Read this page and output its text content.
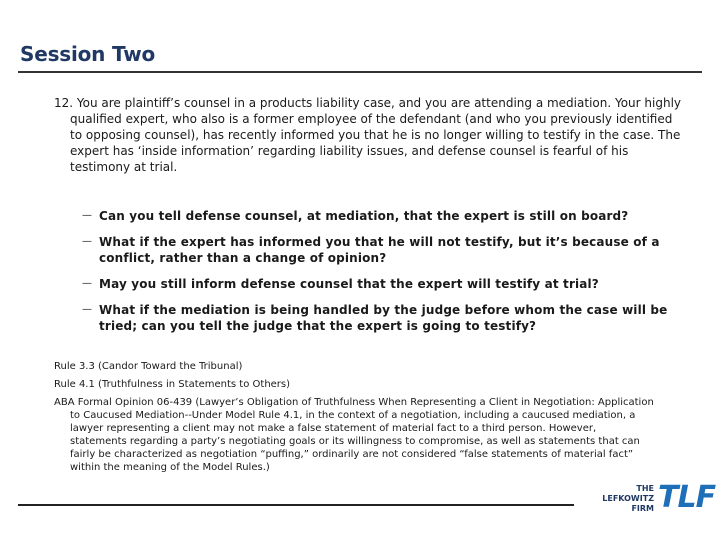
Session Two

12. You are plaintiff’s counsel in a products liability case, and you are attending a mediation. Your highly qualified expert, who also is a former employee of the defendant (and who you previously identified to opposing counsel), has recently informed you that he is no longer willing to testify in the case. The expert has ‘inside information’ regarding liability issues, and defense counsel is fearful of his testimony at trial.

— Can you tell defense counsel, at mediation, that the expert is still on board?
— What if the expert has informed you that he will not testify, but it’s because of a conflict, rather than a change of opinion?
— May you still inform defense counsel that the expert will testify at trial?
— What if the mediation is being handled by the judge before whom the case will be tried; can you tell the judge that the expert is going to testify?

Rule 3.3 (Candor Toward the Tribunal)

Rule 4.1 (Truthfulness in Statements to Others)

ABA Formal Opinion 06-439 (Lawyer’s Obligation of Truthfulness When Representing a Client in Negotiation: Application to Caucused Mediation--Under Model Rule 4.1, in the context of a negotiation, including a caucused mediation, a lawyer representing a client may not make a false statement of material fact to a third person. However, statements regarding a party’s negotiating goals or its willingness to compromise, as well as statements that can fairly be characterized as negotiation “puffing,” ordinarily are not considered “false statements of material fact” within the meaning of the Model Rules.)

THE
LEFKOWITZ
FIRM TLF
